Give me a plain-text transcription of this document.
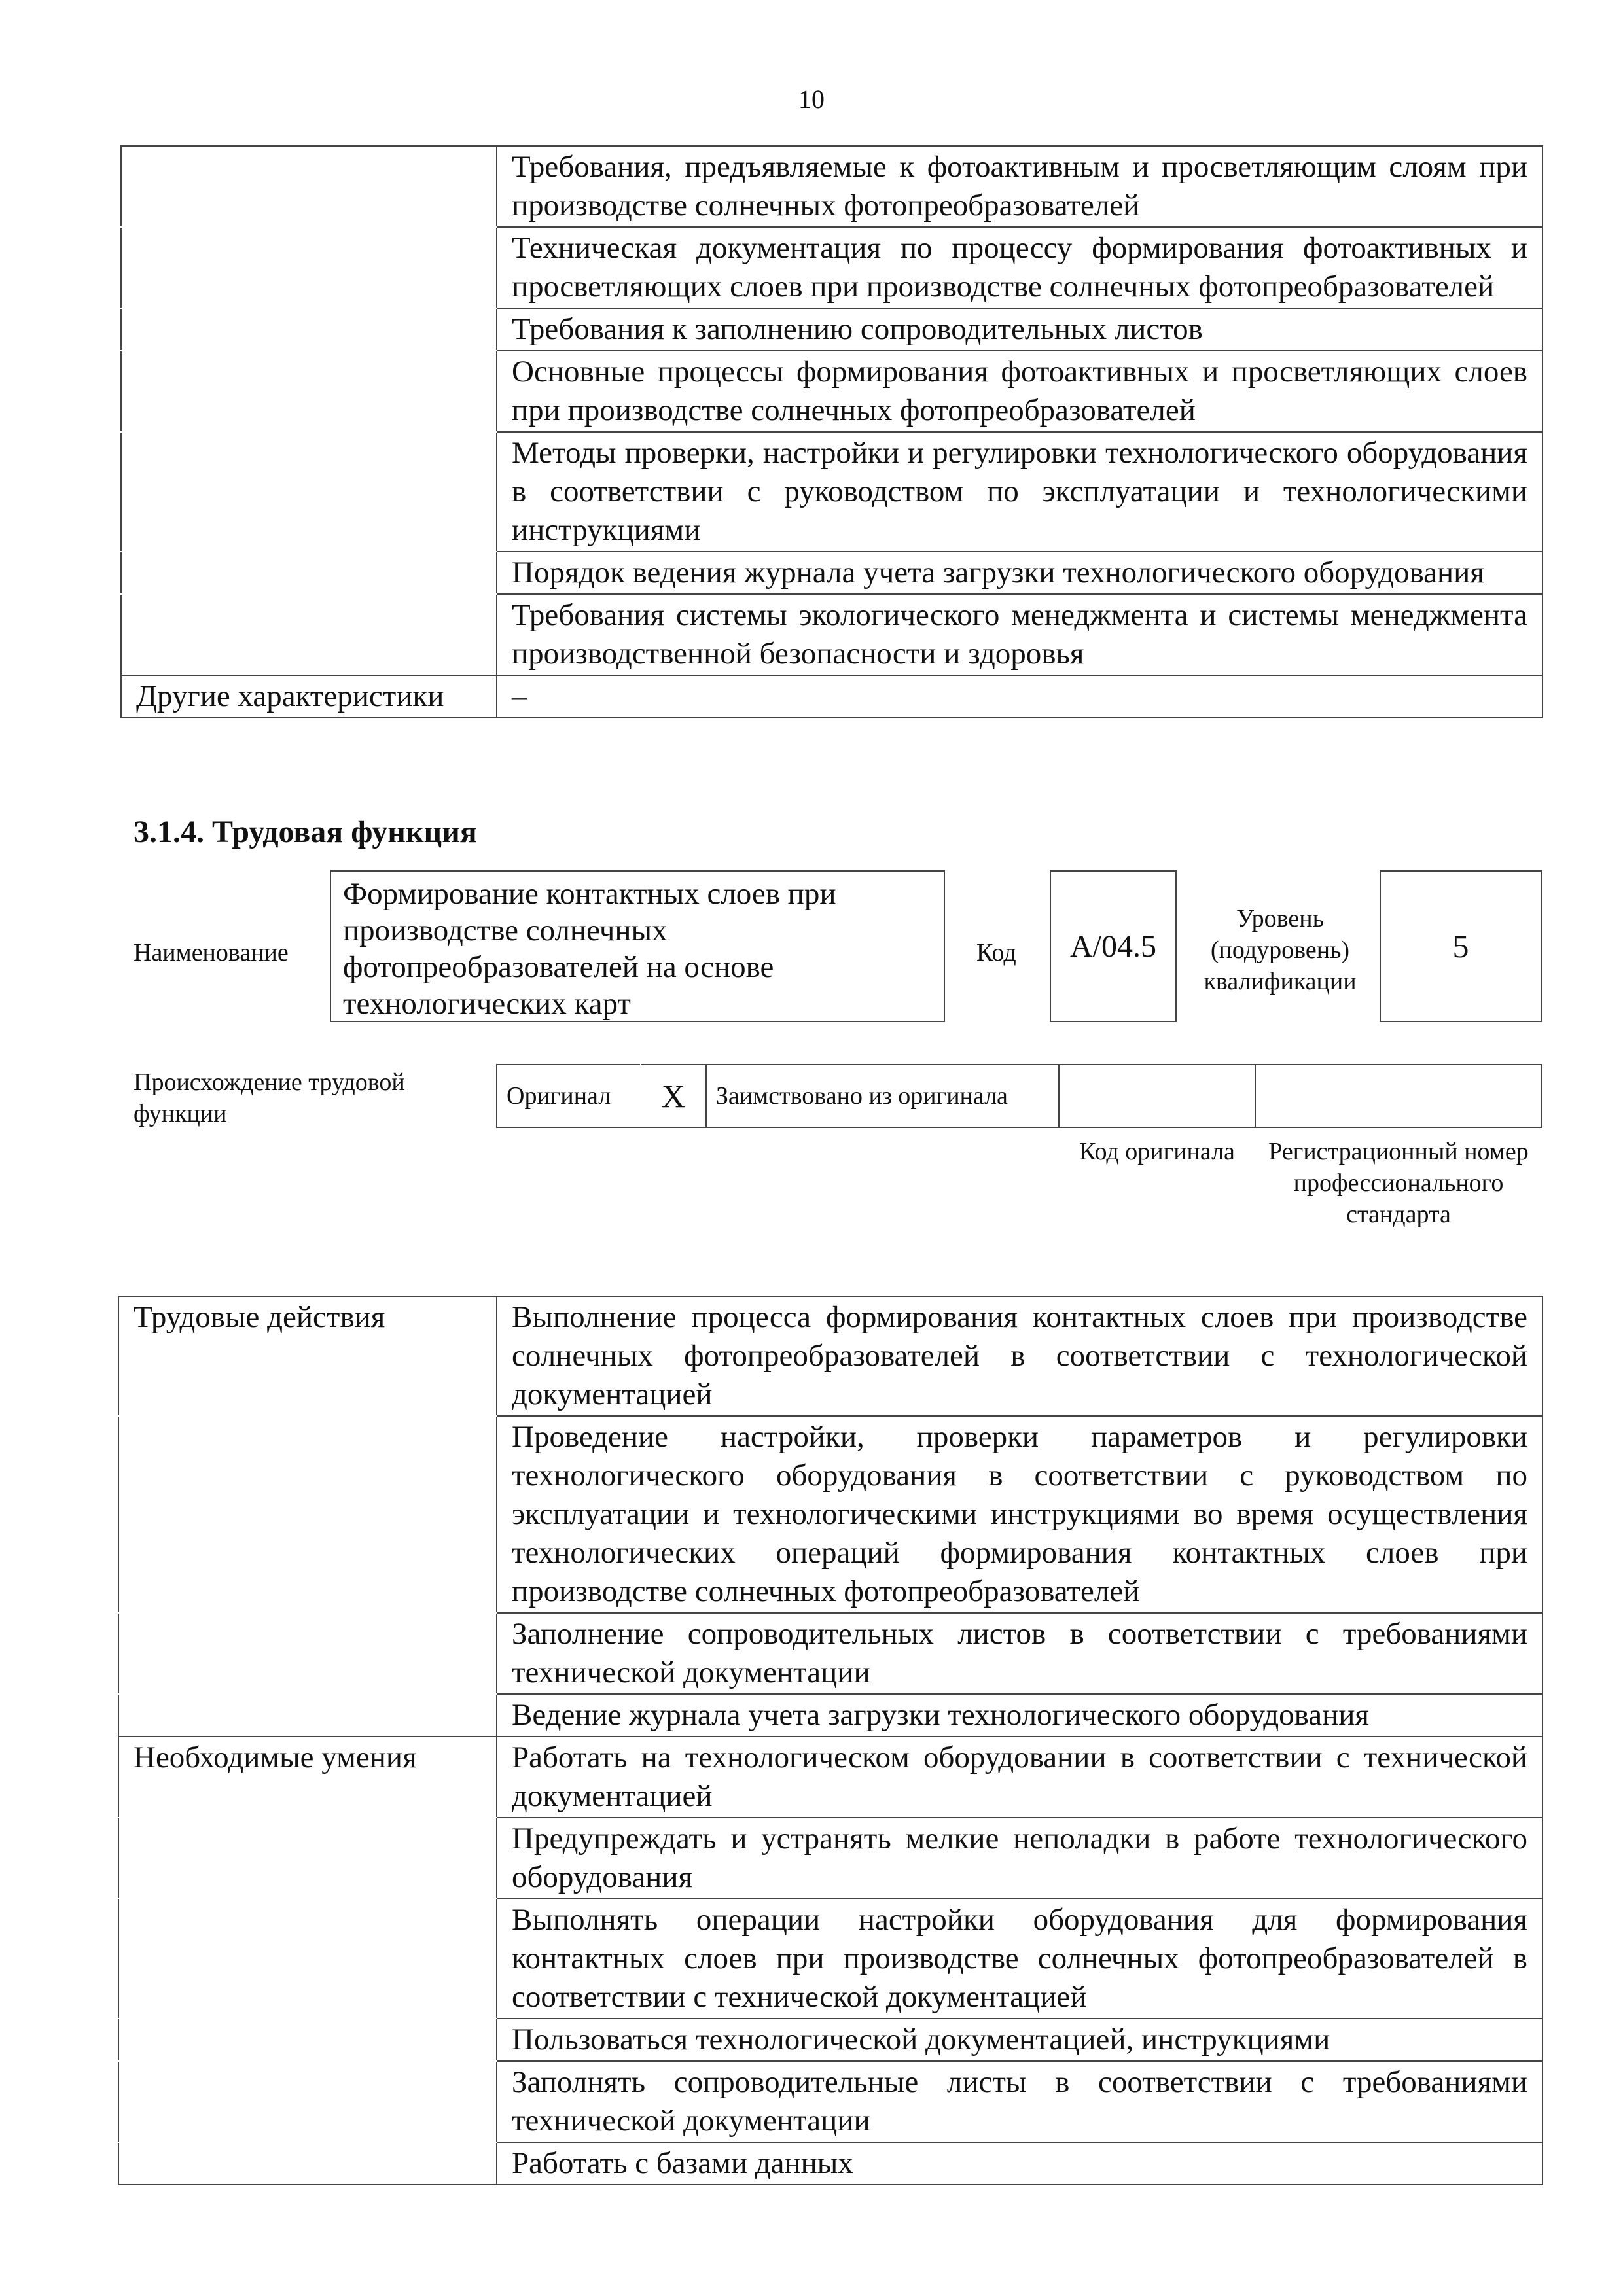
10
	Требования, предъявляемые к фотоактивным и просветляющим слоям при производстве солнечных фотопреобразователей
	Техническая документация по процессу формирования фотоактивных и просветляющих слоев при производстве солнечных фотопреобразователей
	Требования к заполнению сопроводительных листов
	Основные процессы формирования фотоактивных и просветляющих слоев при производстве солнечных фотопреобразователей
	Методы проверки, настройки и регулировки технологического оборудования в соответствии с руководством по эксплуатации и технологическими инструкциями
	Порядок ведения журнала учета загрузки технологического оборудования
	Требования системы экологического менеджмента и системы менеджмента производственной безопасности и здоровья
Другие характеристики	–
3.1.4. Трудовая функция
Наименование
Формирование контактных слоев при производстве солнечных фотопреобразователей на основе технологических карт
Код	А/04.5
Уровень (подуровень) квалификации
5
Происхождение трудовой функции
Оригинал	X	Заимствовано из оригинала		
Код оригинала	Регистрационный номер профессионального стандарта
Трудовые действия	Выполнение процесса формирования контактных слоев при производстве солнечных фотопреобразователей в соответствии с технологической документацией
	Проведение настройки, проверки параметров и регулировки технологического оборудования в соответствии с руководством по эксплуатации и технологическими инструкциями во время осуществления технологических операций формирования контактных слоев при производстве солнечных фотопреобразователей
	Заполнение сопроводительных листов в соответствии с требованиями технической документации
	Ведение журнала учета загрузки технологического оборудования
Необходимые умения	Работать на технологическом оборудовании в соответствии с технической документацией
	Предупреждать и устранять мелкие неполадки в работе технологического оборудования
	Выполнять операции настройки оборудования для формирования контактных слоев при производстве солнечных фотопреобразователей в соответствии с технической документацией
	Пользоваться технологической документацией, инструкциями
	Заполнять сопроводительные листы в соответствии с требованиями технической документации
	Работать с базами данных
